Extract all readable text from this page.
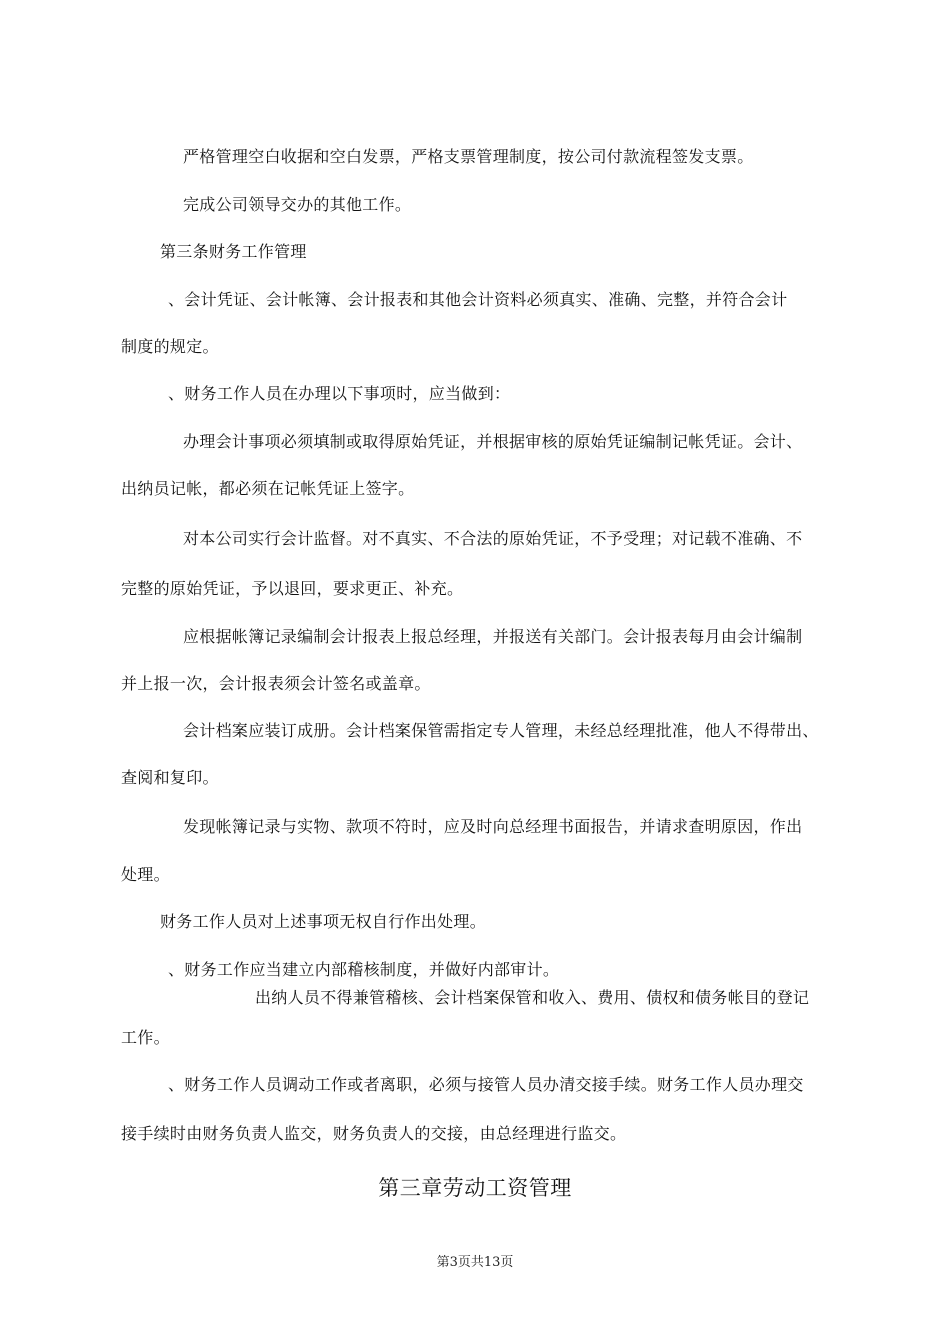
严格管理空白收据和空白发票，严格支票管理制度，按公司付款流程签发支票。
完成公司领导交办的其他工作。
第三条财务工作管理
、会计凭证、会计帐簿、会计报表和其他会计资料必须真实、准确、完整，并符合会计
制度的规定。
、财务工作人员在办理以下事项时，应当做到：
办理会计事项必须填制或取得原始凭证，并根据审核的原始凭证编制记帐凭证。会计、
出纳员记帐，都必须在记帐凭证上签字。
对本公司实行会计监督。对不真实、不合法的原始凭证，不予受理；对记载不准确、不
完整的原始凭证，予以退回，要求更正、补充。
应根据帐簿记录编制会计报表上报总经理，并报送有关部门。会计报表每月由会计编制
并上报一次，会计报表须会计签名或盖章。
会计档案应装订成册。会计档案保管需指定专人管理，未经总经理批准，他人不得带出、
查阅和复印。
发现帐簿记录与实物、款项不符时，应及时向总经理书面报告，并请求查明原因，作出
处理。
财务工作人员对上述事项无权自行作出处理。
、财务工作应当建立内部稽核制度，并做好内部审计。
出纳人员不得兼管稽核、会计档案保管和收入、费用、债权和债务帐目的登记
工作。
、财务工作人员调动工作或者离职，必须与接管人员办清交接手续。财务工作人员办理交
接手续时由财务负责人监交，财务负责人的交接，由总经理进行监交。
第三章劳动工资管理
第3页共13页
